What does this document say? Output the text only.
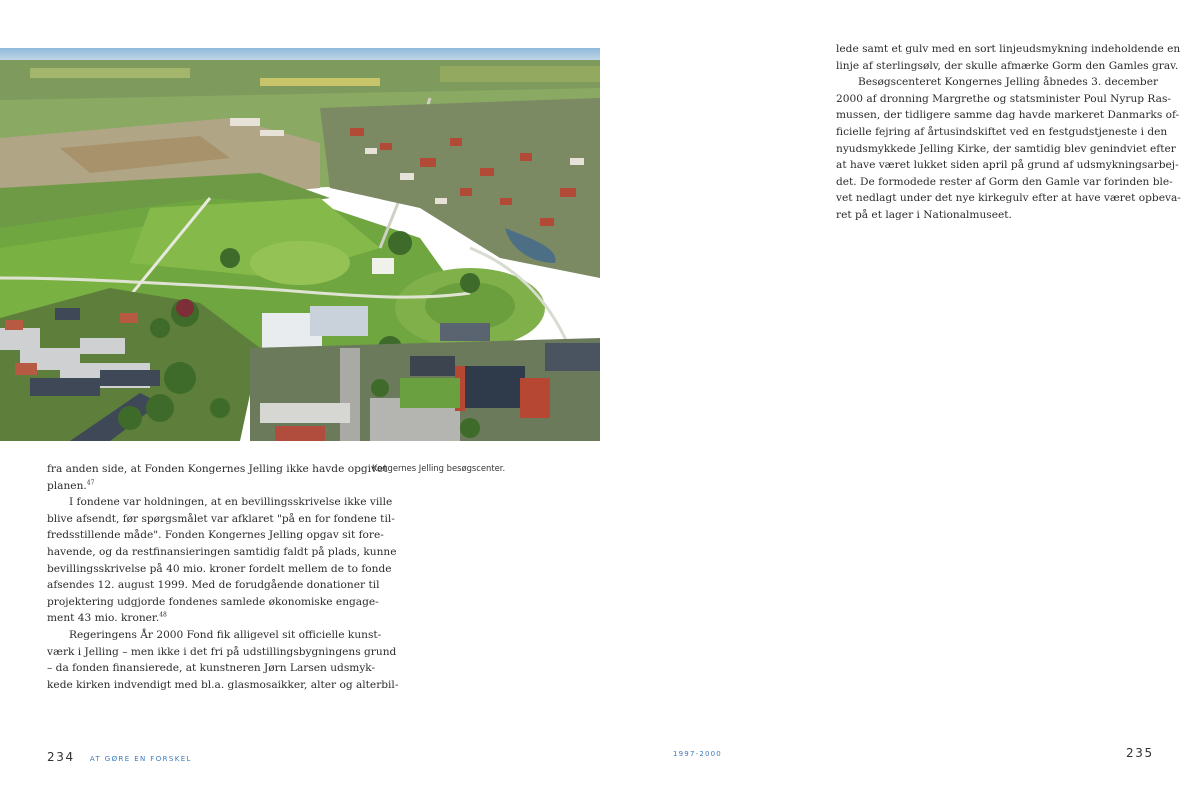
Kongernes Jelling besøgscenter.

fra anden side, at Fonden Kongernes Jelling ikke havde opgivet
planen.$^{47}$

I fondene var holdningen, at en bevillingsskrivelse ikke ville
blive afsendt, før spørgsmålet var afklaret "på en for fondene til-
fredsstillende måde". Fonden Kongernes Jelling opgav sit fore-
havende, og da restfinansieringen samtidig faldt på plads, kunne
bevillingsskrivelse på 40 mio. kroner fordelt mellem de to fonde
afsendes 12. august 1999. Med de forudgående donationer til
projektering udgjorde fondenes samlede økonomiske engage-
ment 43 mio. kroner.$^{48}$

Regeringens År 2000 Fond fik alligevel sit officielle kunst-
værk i Jelling – men ikke i det fri på udstillingsbygningens grund
– da fonden finansierede, at kunstneren Jørn Larsen udsmyk-
kede kirken indvendigt med bl.a. glasmosaikker, alter og alterbil-

lede samt et gulv med en sort linjeudsmykning indeholdende en
linje af sterlingsølv, der skulle afmærke Gorm den Gamles grav.

Besøgscenteret Kongernes Jelling åbnedes 3. december
2000 af dronning Margrethe og statsminister Poul Nyrup Ras-
mussen, der tidligere samme dag havde markeret Danmarks of-
ficielle fejring af årtusindskiftet ved en festgudstjeneste i den
nyudsmykkede Jelling Kirke, der samtidig blev genindviet efter
at have været lukket siden april på grund af udsmykningsarbej-
det. De formodede rester af Gorm den Gamle var forinden ble-
vet nedlagt under det nye kirkegulv efter at have været opbeva-
ret på et lager i Nationalmuseet.

234 AT GØRE EN FORSKEL
1997-2000	235
